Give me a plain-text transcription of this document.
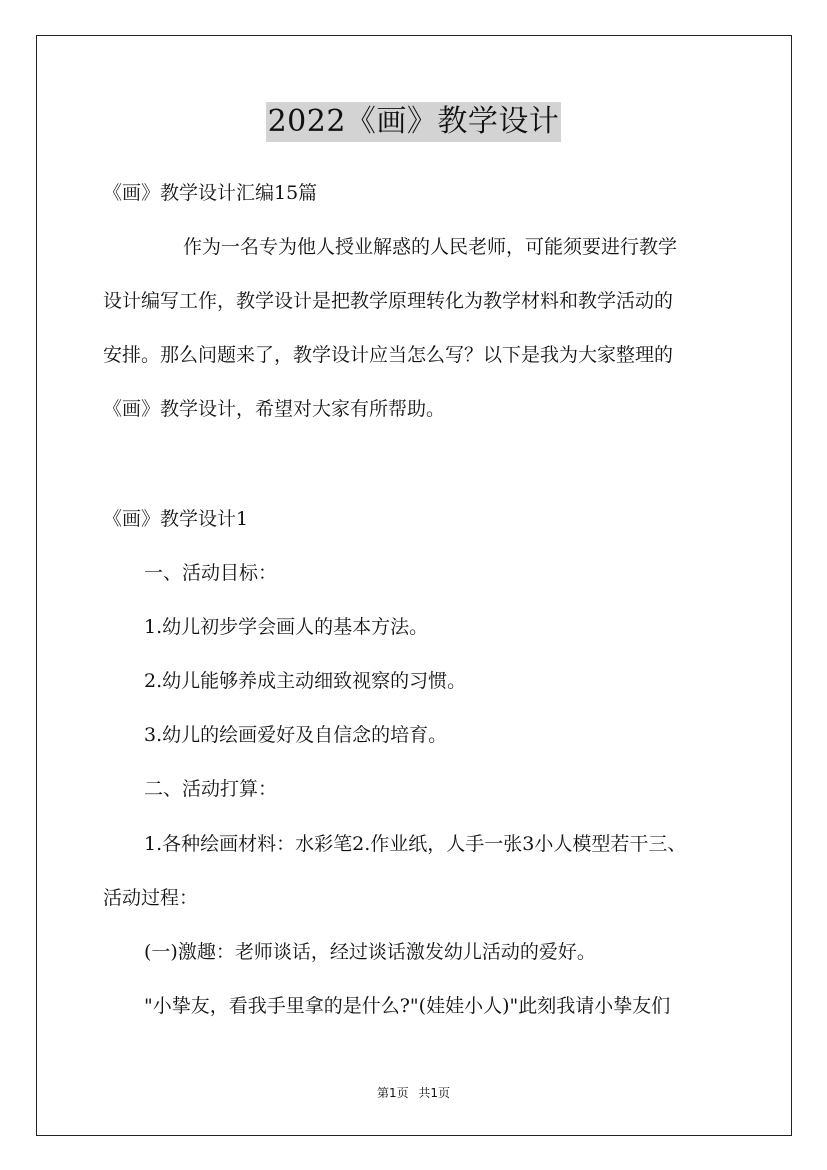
2022《画》教学设计
《画》教学设计汇编15篇
作为一名专为他人授业解惑的人民老师，可能须要进行教学
设计编写工作，教学设计是把教学原理转化为教学材料和教学活动的
安排。那么问题来了，教学设计应当怎么写？以下是我为大家整理的
《画》教学设计，希望对大家有所帮助。
《画》教学设计1
一、活动目标：
1.幼儿初步学会画人的基本方法。
2.幼儿能够养成主动细致视察的习惯。
3.幼儿的绘画爱好及自信念的培育。
二、活动打算：
1.各种绘画材料：水彩笔2.作业纸，人手一张3小人模型若干三、
活动过程：
(一)激趣：老师谈话，经过谈话激发幼儿活动的爱好。
"小挚友，看我手里拿的是什么?"(娃娃小人)"此刻我请小挚友们
第1页 共1页
